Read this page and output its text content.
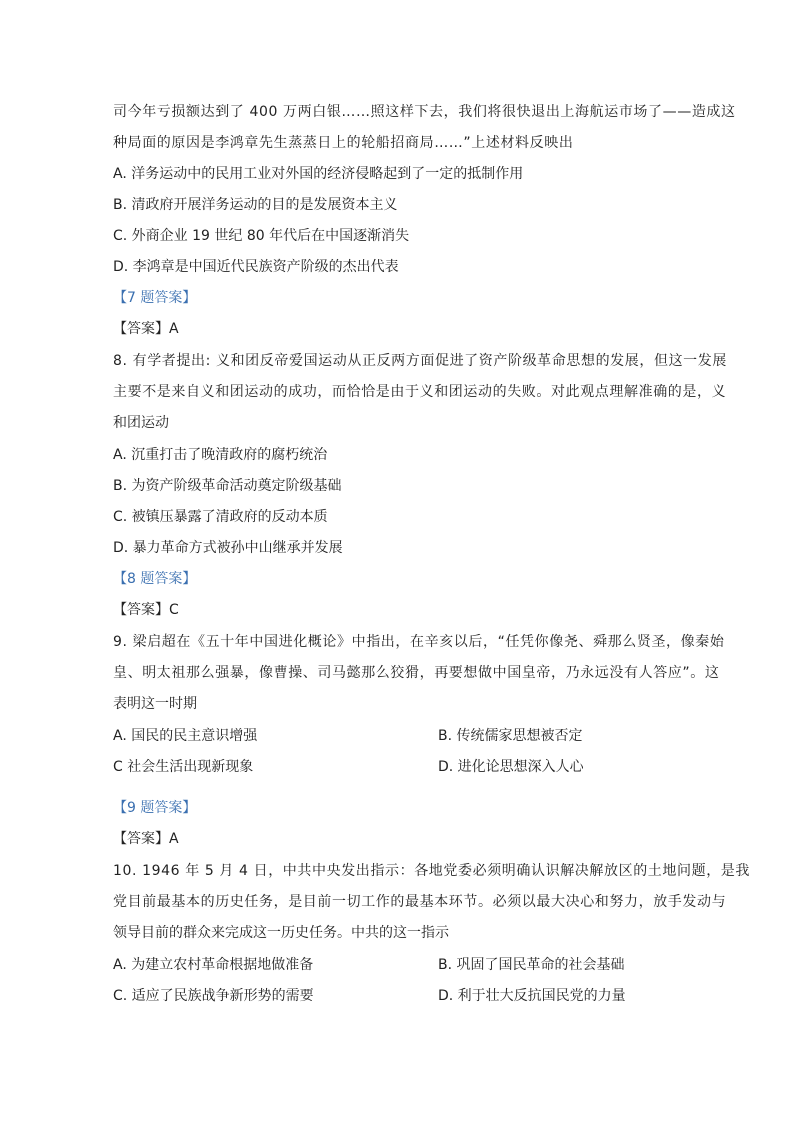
司今年亏损额达到了 400 万两白银……照这样下去，我们将很快退出上海航运市场了——造成这
种局面的原因是李鸿章先生蒸蒸日上的轮船招商局……”上述材料反映出
A. 洋务运动中的民用工业对外国的经济侵略起到了一定的抵制作用
B. 清政府开展洋务运动的目的是发展资本主义
C. 外商企业 19 世纪 80 年代后在中国逐渐消失
D. 李鸿章是中国近代民族资产阶级的杰出代表
【7 题答案】
【答案】A
8. 有学者提出: 义和团反帝爱国运动从正反两方面促进了资产阶级革命思想的发展，但这一发展
主要不是来自义和团运动的成功，而恰恰是由于义和团运动的失败。对此观点理解准确的是，义
和团运动
A. 沉重打击了晚清政府的腐朽统治
B. 为资产阶级革命活动奠定阶级基础
C. 被镇压暴露了清政府的反动本质
D. 暴力革命方式被孙中山继承并发展
【8 题答案】
【答案】C
9. 梁启超在《五十年中国进化概论》中指出，在辛亥以后，“任凭你像尧、舜那么贤圣，像秦始
皇、明太祖那么强暴，像曹操、司马懿那么狡猾，再要想做中国皇帝，乃永远没有人答应”。这
表明这一时期
A. 国民的民主意识增强	B. 传统儒家思想被否定
C 社会生活出现新现象	D. 进化论思想深入人心
【9 题答案】
【答案】A
10. 1946 年 5 月 4 日，中共中央发出指示：各地党委必须明确认识解决解放区的土地问题，是我
党目前最基本的历史任务，是目前一切工作的最基本环节。必须以最大决心和努力，放手发动与
领导目前的群众来完成这一历史任务。中共的这一指示
A. 为建立农村革命根据地做准备	B. 巩固了国民革命的社会基础
C. 适应了民族战争新形势的需要	D. 利于壮大反抗国民党的力量
